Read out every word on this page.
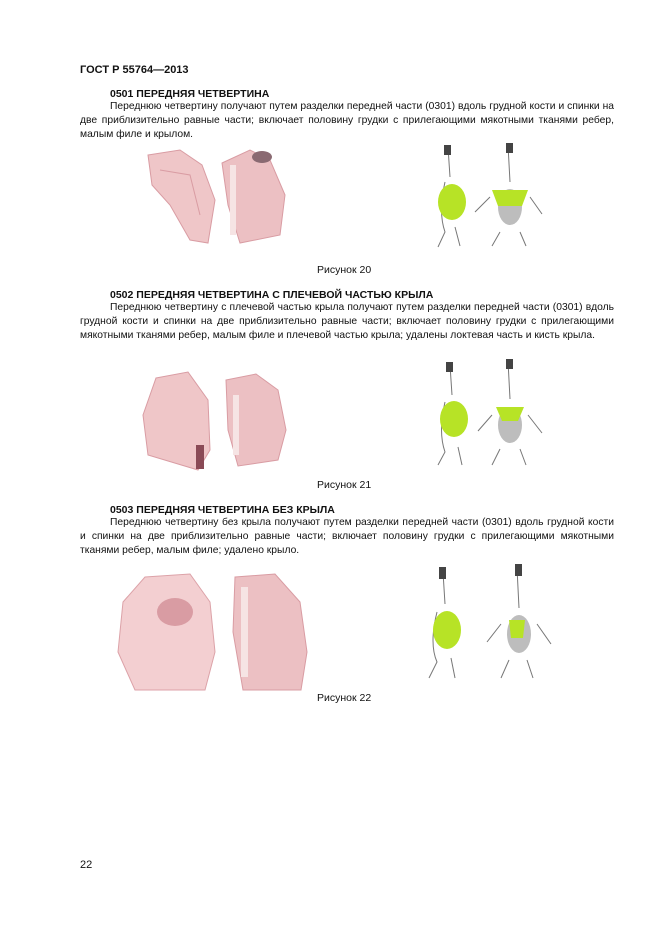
ГОСТ Р 55764—2013
0501 ПЕРЕДНЯЯ ЧЕТВЕРТИНА
Переднюю четвертину получают путем разделки передней части (0301) вдоль грудной кости и спинки на две приблизительно равные части; включает половину грудки с прилегающими мякотными тканями ребер, малым филе и крылом.
Рисунок 20
0502 ПЕРЕДНЯЯ ЧЕТВЕРТИНА С ПЛЕЧЕВОЙ ЧАСТЬЮ КРЫЛА
Переднюю четвертину с плечевой частью крыла получают путем разделки передней части (0301) вдоль грудной кости и спинки на две приблизительно равные части; включает половину грудки с прилегающими мякотными тканями ребер, малым филе и плечевой частью крыла; удалены локтевая часть и кисть крыла.
Рисунок 21
0503 ПЕРЕДНЯЯ ЧЕТВЕРТИНА БЕЗ КРЫЛА
Переднюю четвертину без крыла получают путем разделки передней части (0301) вдоль грудной кости и спинки на две приблизительно равные части; включает половину грудки с прилегающими мякотными тканями ребер, малым филе; удалено крыло.
Рисунок 22
22
